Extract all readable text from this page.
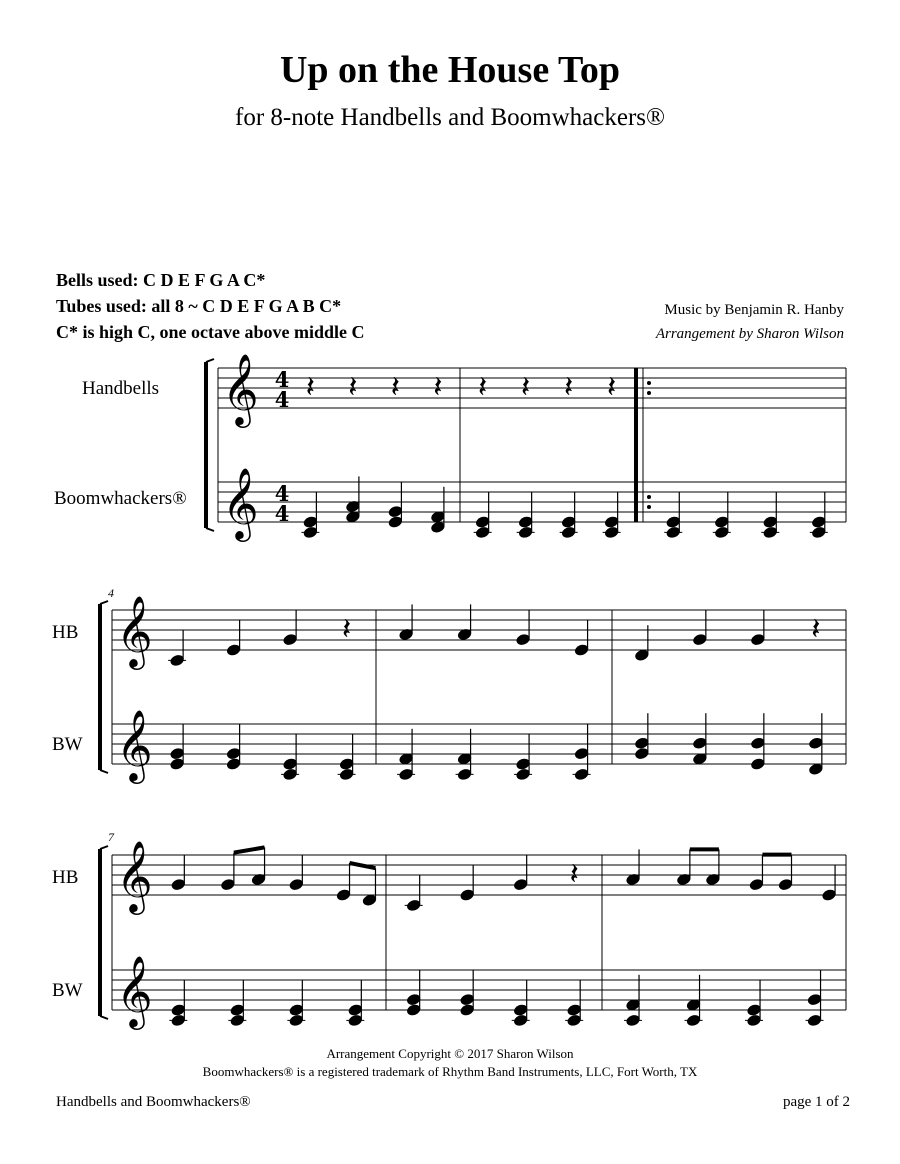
Up on the House Top
for 8-note Handbells and Boomwhackers®
Bells used: C D E F G A C*
Tubes used: all 8 ~ C D E F G A B C*
C* is high C, one octave above middle C
Music by Benjamin R. Hanby
Arrangement by Sharon Wilson
Handbells
Boomwhackers®
HB
BW
HB
BW
4
7
𝄞
𝄞
4
4
4
4
𝄽 𝄽 𝄽 𝄽 𝄽 𝄽 𝄽 𝄽
𝄞
𝄞
𝄽	𝄽
𝄞
𝄞
𝄽
Arrangement Copyright © 2017 Sharon Wilson
Boomwhackers® is a registered trademark of Rhythm Band Instruments, LLC, Fort Worth, TX
Handbells and Boomwhackers®	page 1 of 2
